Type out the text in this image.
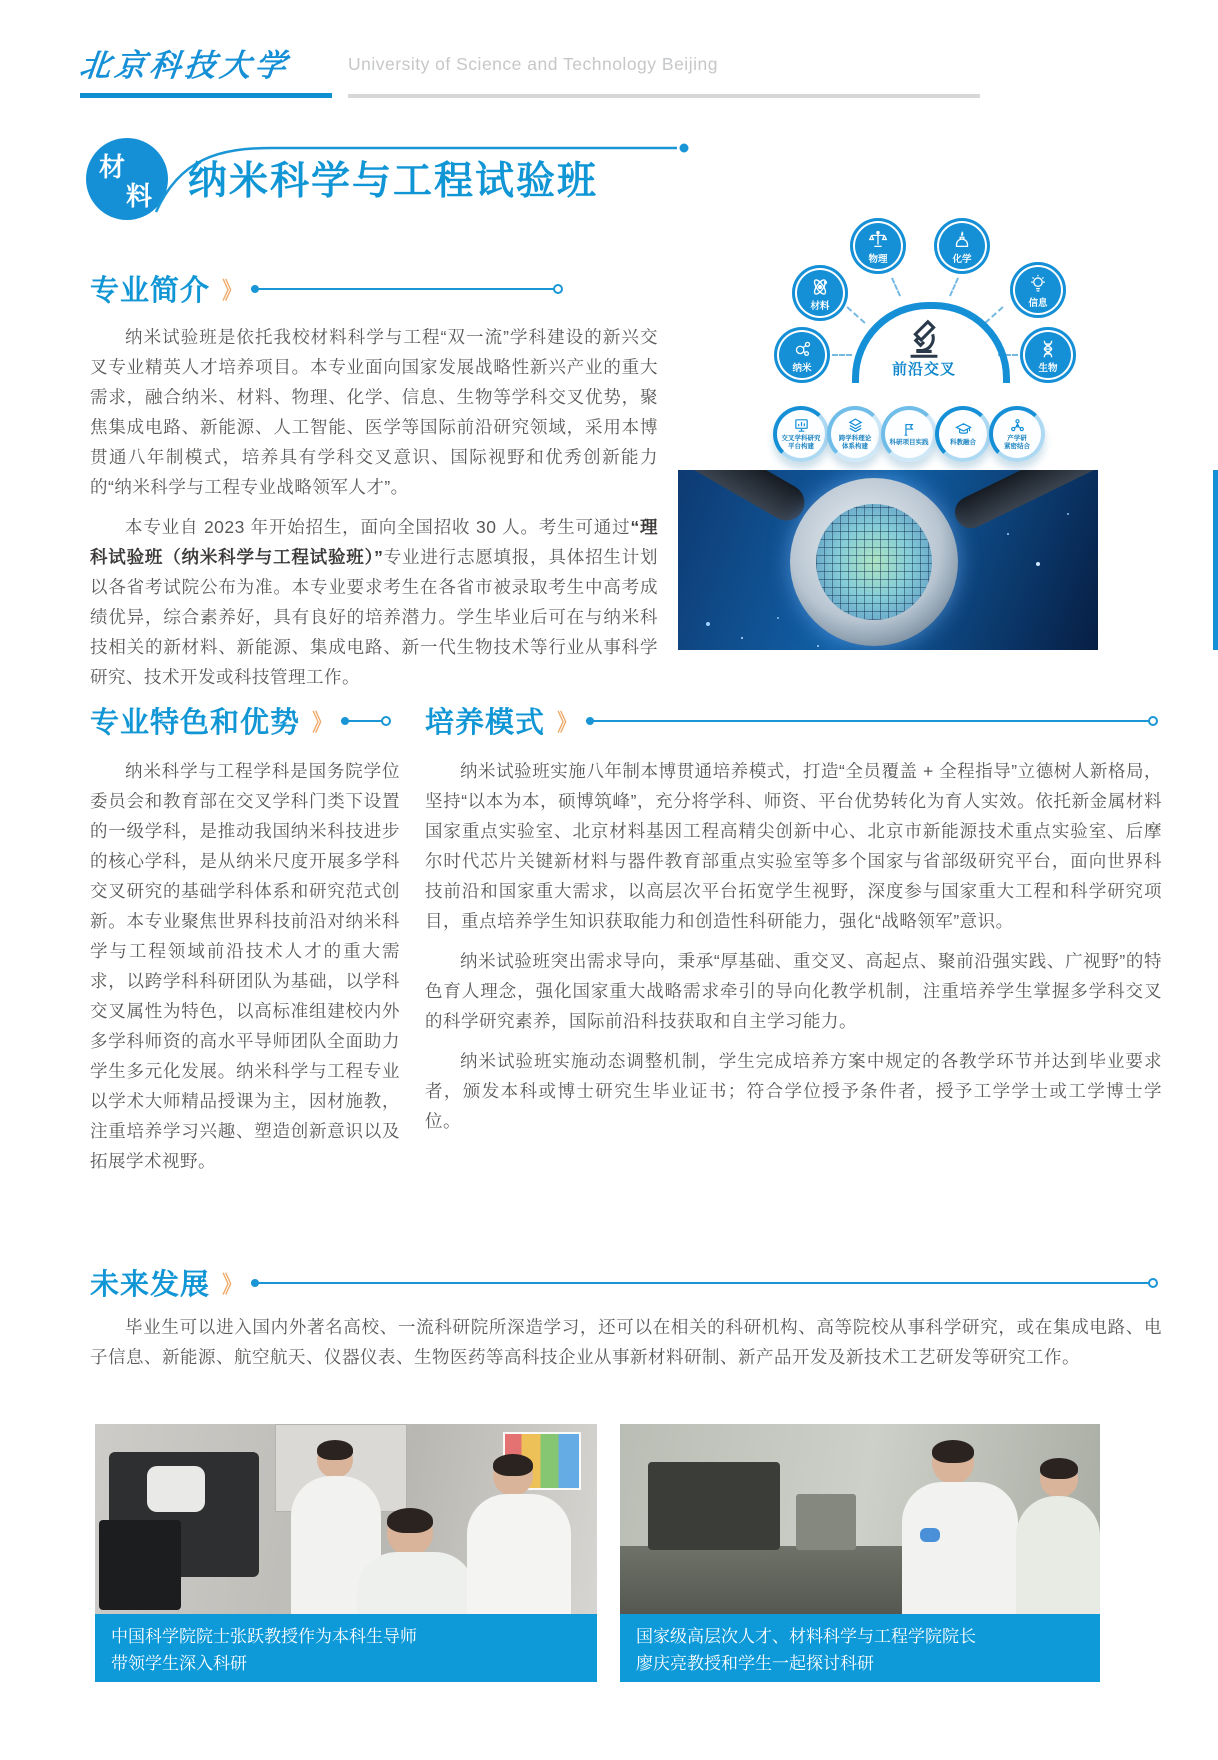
北京科技大学	University of Science and Technology Beijing
材
料 纳米科学与工程试验班
专业简介 》

纳米试验班是依托我校材料科学与工程“双一流”学科建设的新兴交叉专业精英人才培养项目。本专业面向国家发展战略性新兴产业的重大需求，融合纳米、材料、物理、化学、信息、生物等学科交叉优势，聚焦集成电路、新能源、人工智能、医学等国际前沿研究领域，采用本博贯通八年制模式，培养具有学科交叉意识、国际视野和优秀创新能力的“纳米科学与工程专业战略领军人才”。

本专业自 2023 年开始招生，面向全国招收 30 人。考生可通过“理科试验班（纳米科学与工程试验班）”专业进行志愿填报，具体招生计划以各省考试院公布为准。本专业要求考生在各省市被录取考生中高考成绩优异，综合素养好，具有良好的培养潜力。学生毕业后可在与纳米科技相关的新材料、新能源、集成电路、新一代生物技术等行业从事科学研究、技术开发或科技管理工作。

材料
物理	化学
信息
纳米	生物
前沿交叉
交叉学科研究
平台构建
跨学科理论
体系构建
科研项目实践	科教融合
产学研
紧密结合
专业特色和优势 》

纳米科学与工程学科是国务院学位委员会和教育部在交叉学科门类下设置的一级学科，是推动我国纳米科技进步的核心学科，是从纳米尺度开展多学科交叉研究的基础学科体系和研究范式创新。本专业聚焦世界科技前沿对纳米科学与工程领域前沿技术人才的重大需求，以跨学科科研团队为基础，以学科交叉属性为特色，以高标准组建校内外多学科师资的高水平导师团队全面助力学生多元化发展。纳米科学与工程专业以学术大师精品授课为主，因材施教，注重培养学习兴趣、塑造创新意识以及拓展学术视野。

培养模式 》

纳米试验班实施八年制本博贯通培养模式，打造“全员覆盖 + 全程指导”立德树人新格局，坚持“以本为本，硕博筑峰”，充分将学科、师资、平台优势转化为育人实效。依托新金属材料国家重点实验室、北京材料基因工程高精尖创新中心、北京市新能源技术重点实验室、后摩尔时代芯片关键新材料与器件教育部重点实验室等多个国家与省部级研究平台，面向世界科技前沿和国家重大需求，以高层次平台拓宽学生视野，深度参与国家重大工程和科学研究项目，重点培养学生知识获取能力和创造性科研能力，强化“战略领军”意识。

纳米试验班突出需求导向，秉承“厚基础、重交叉、高起点、聚前沿强实践、广视野”的特色育人理念，强化国家重大战略需求牵引的导向化教学机制，注重培养学生掌握多学科交叉的科学研究素养，国际前沿科技获取和自主学习能力。

纳米试验班实施动态调整机制，学生完成培养方案中规定的各教学环节并达到毕业要求者，颁发本科或博士研究生毕业证书；符合学位授予条件者，授予工学学士或工学博士学位。

未来发展 》

毕业生可以进入国内外著名高校、一流科研院所深造学习，还可以在相关的科研机构、高等院校从事科学研究，或在集成电路、电子信息、新能源、航空航天、仪器仪表、生物医药等高科技企业从事新材料研制、新产品开发及新技术工艺研发等研究工作。

中国科学院院士张跃教授作为本科生导师
带领学生深入科研
国家级高层次人才、材料科学与工程学院院长
廖庆亮教授和学生一起探讨科研
